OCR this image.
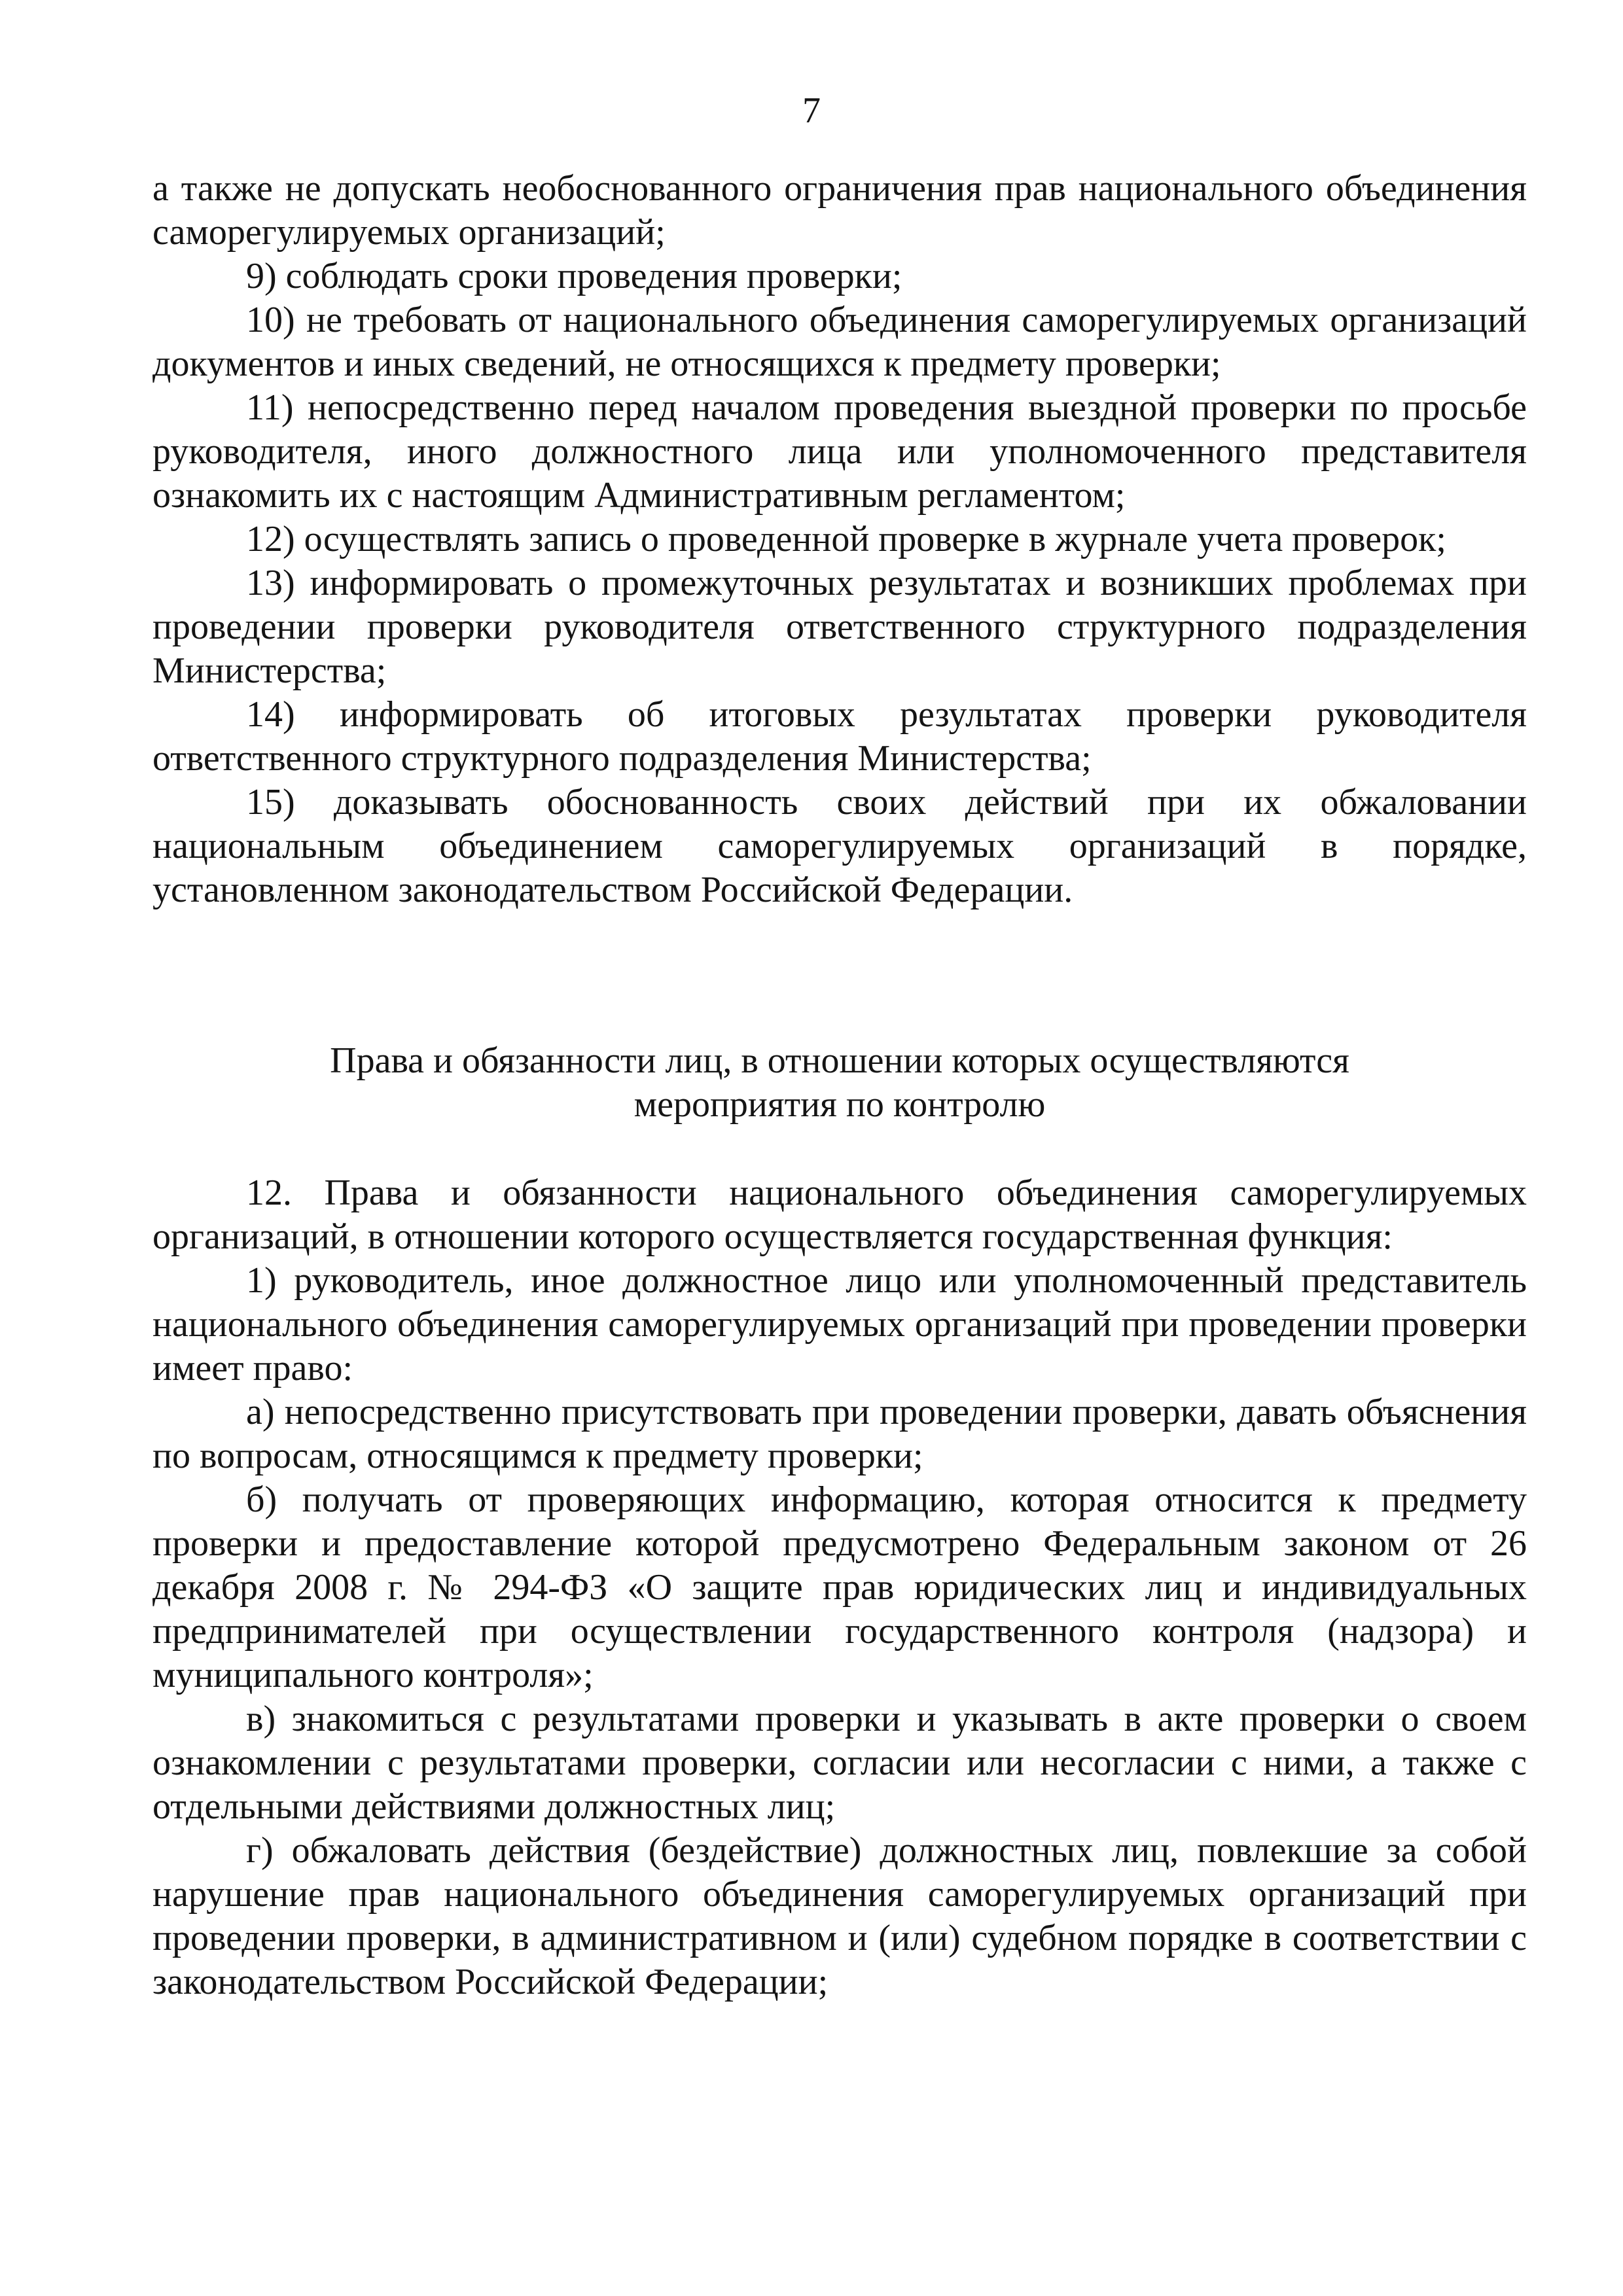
7

а также не допускать необоснованного ограничения прав национального объединения саморегулируемых организаций;

9) соблюдать сроки проведения проверки;

10) не требовать от национального объединения саморегулируемых организаций документов и иных сведений, не относящихся к предмету проверки;

11) непосредственно перед началом проведения выездной проверки по просьбе руководителя, иного должностного лица или уполномоченного представителя ознакомить их с настоящим Административным регламентом;

12) осуществлять запись о проведенной проверке в журнале учета проверок;

13) информировать о промежуточных результатах и возникших проблемах при проведении проверки руководителя ответственного структурного подразделения Министерства;

14) информировать об итоговых результатах проверки руководителя ответственного структурного подразделения Министерства;

15) доказывать обоснованность своих действий при их обжаловании национальным объединением саморегулируемых организаций в порядке, установленном законодательством Российской Федерации.

Права и обязанности лиц, в отношении которых осуществляются
мероприятия по контролю

12. Права и обязанности национального объединения саморегулируемых организаций, в отношении которого осуществляется государственная функция:

1) руководитель, иное должностное лицо или уполномоченный представитель национального объединения саморегулируемых организаций при проведении проверки имеет право:

а) непосредственно присутствовать при проведении проверки, давать объяснения по вопросам, относящимся к предмету проверки;

б) получать от проверяющих информацию, которая относится к предмету проверки и предоставление которой предусмотрено Федеральным законом от 26 декабря 2008 г. № 294-ФЗ «О защите прав юридических лиц и индивидуальных предпринимателей при осуществлении государственного контроля (надзора) и муниципального контроля»;

в) знакомиться с результатами проверки и указывать в акте проверки о своем ознакомлении с результатами проверки, согласии или несогласии с ними, а также с отдельными действиями должностных лиц;

г) обжаловать действия (бездействие) должностных лиц, повлекшие за собой нарушение прав национального объединения саморегулируемых организаций при проведении проверки, в административном и (или) судебном порядке в соответствии с законодательством Российской Федерации;
